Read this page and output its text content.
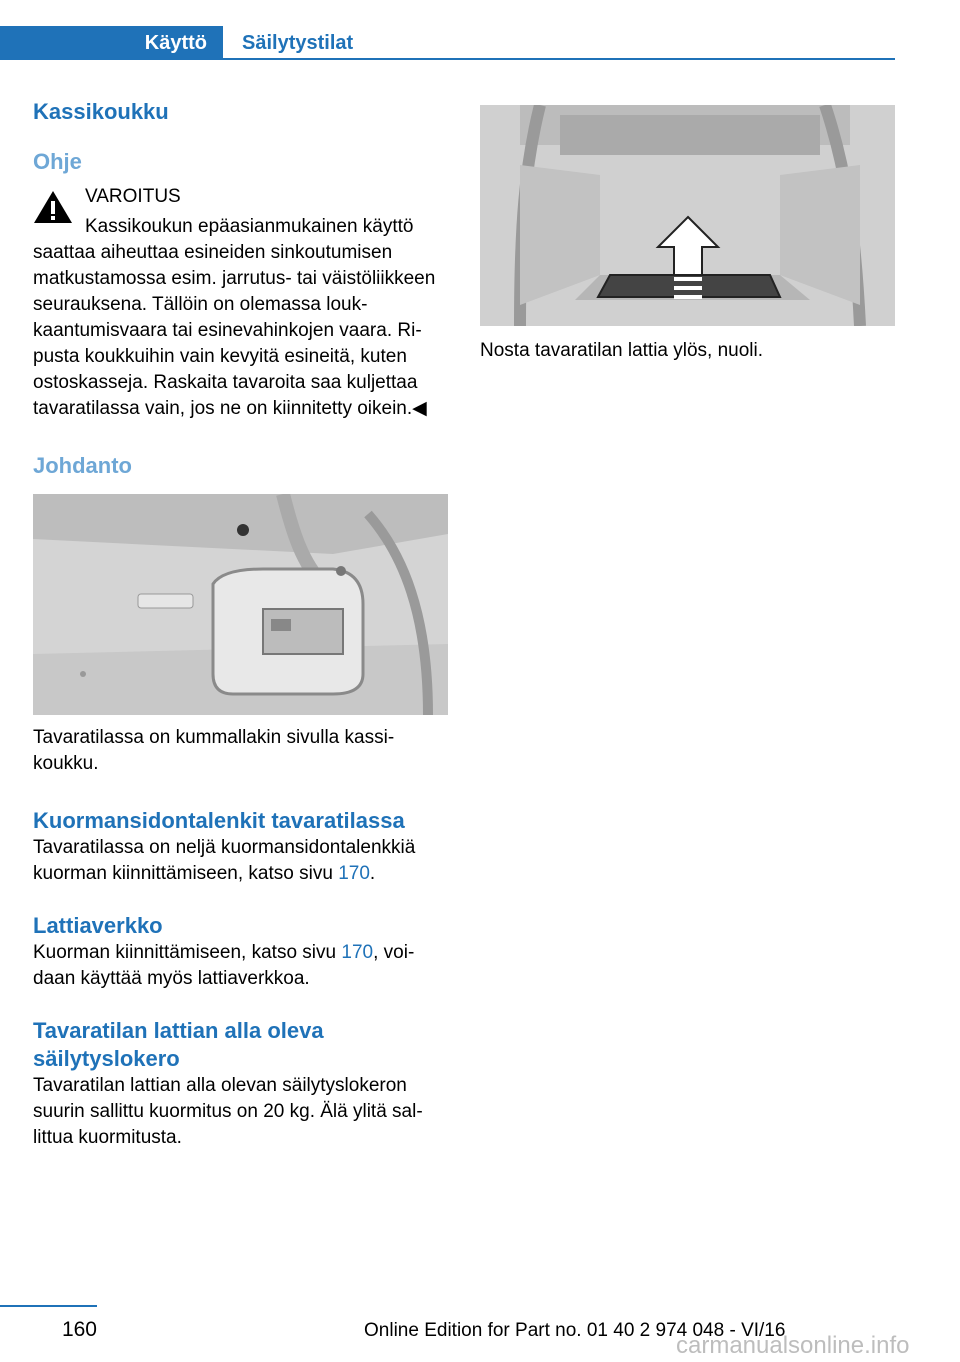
Käyttö	Säilytystilat
Kassikoukku
Ohje
VAROITUS

Kassikoukun epäasianmukainen käyttö

saattaa aiheuttaa esineiden sinkoutumisen matkustamossa esim. jarrutus- tai väistöliikkeen seurauksena. Tällöin on olemassa loukkaantumisvaara tai esinevahinkojen vaara. Ripusta koukkuihin vain kevyitä esineitä, kuten ostoskasseja. Raskaita tavaroita saa kuljettaa tavaratilassa vain, jos ne on kiinnitetty oikein.◀

Johdanto

Tavaratilassa on kummallakin sivulla kassikoukku.

Kuormansidontalenkit tavaratilassa

Tavaratilassa on neljä kuormansidontalenkkiä kuorman kiinnittämiseen, katso sivu 170.

Lattiaverkko

Kuorman kiinnittämiseen, katso sivu 170, voidaan käyttää myös lattiaverkkoa.

Tavaratilan lattian alla oleva säilytyslokero

Tavaratilan lattian alla olevan säilytyslokeron suurin sallittu kuormitus on 20 kg. Älä ylitä sallittua kuormitusta.

Nosta tavaratilan lattia ylös, nuoli.

160	Online Edition for Part no. 01 40 2 974 048 - VI/16
carmanualsonline.info
